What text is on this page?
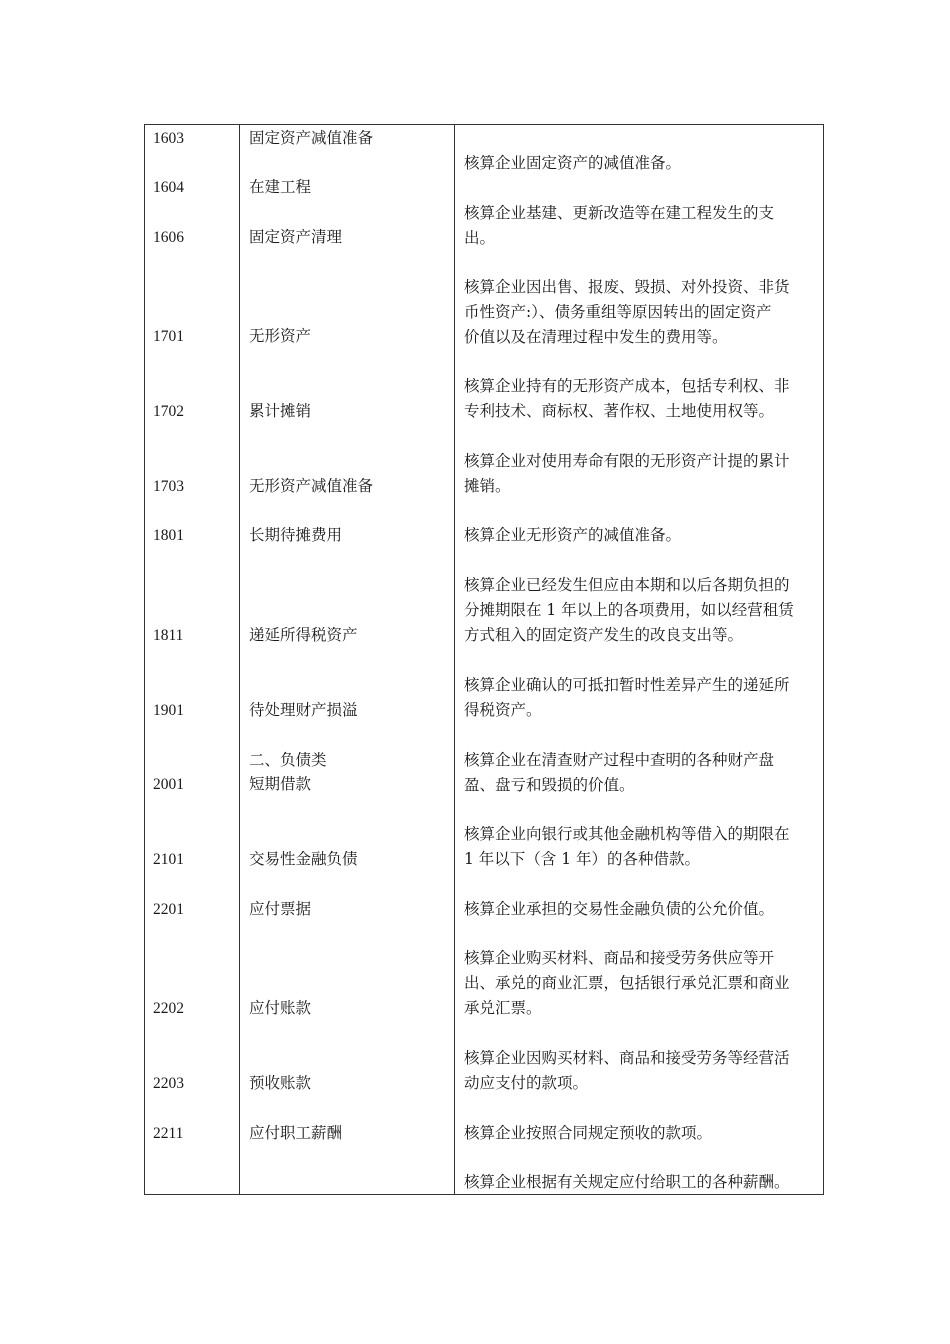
1603
1604
1606
1701
1702
1703
1801
1811
1901
2001
2101
2201
2202
2203
2211
固定资产减值准备
在建工程
固定资产清理
无形资产
累计摊销
无形资产减值准备
长期待摊费用
递延所得税资产
待处理财产损溢
二、负债类
短期借款
交易性金融负债
应付票据
应付账款
预收账款
应付职工薪酬
核算企业固定资产的减值准备。
核算企业基建、更新改造等在建工程发生的支
出。
核算企业因出售、报废、毁损、对外投资、非货
币性资产:）、债务重组等原因转出的固定资产
价值以及在清理过程中发生的费用等。
核算企业持有的无形资产成本，包括专利权、非
专利技术、商标权、著作权、土地使用权等。
核算企业对使用寿命有限的无形资产计提的累计
摊销。
核算企业无形资产的减值准备。
核算企业已经发生但应由本期和以后各期负担的
分摊期限在 1 年以上的各项费用，如以经营租赁
方式租入的固定资产发生的改良支出等。
核算企业确认的可抵扣暂时性差异产生的递延所
得税资产。
核算企业在清查财产过程中查明的各种财产盘
盈、盘亏和毁损的价值。
核算企业向银行或其他金融机构等借入的期限在
1 年以下（含 1 年）的各种借款。
核算企业承担的交易性金融负债的公允价值。
核算企业购买材料、商品和接受劳务供应等开
出、承兑的商业汇票，包括银行承兑汇票和商业
承兑汇票。
核算企业因购买材料、商品和接受劳务等经营活
动应支付的款项。
核算企业按照合同规定预收的款项。
核算企业根据有关规定应付给职工的各种薪酬。
